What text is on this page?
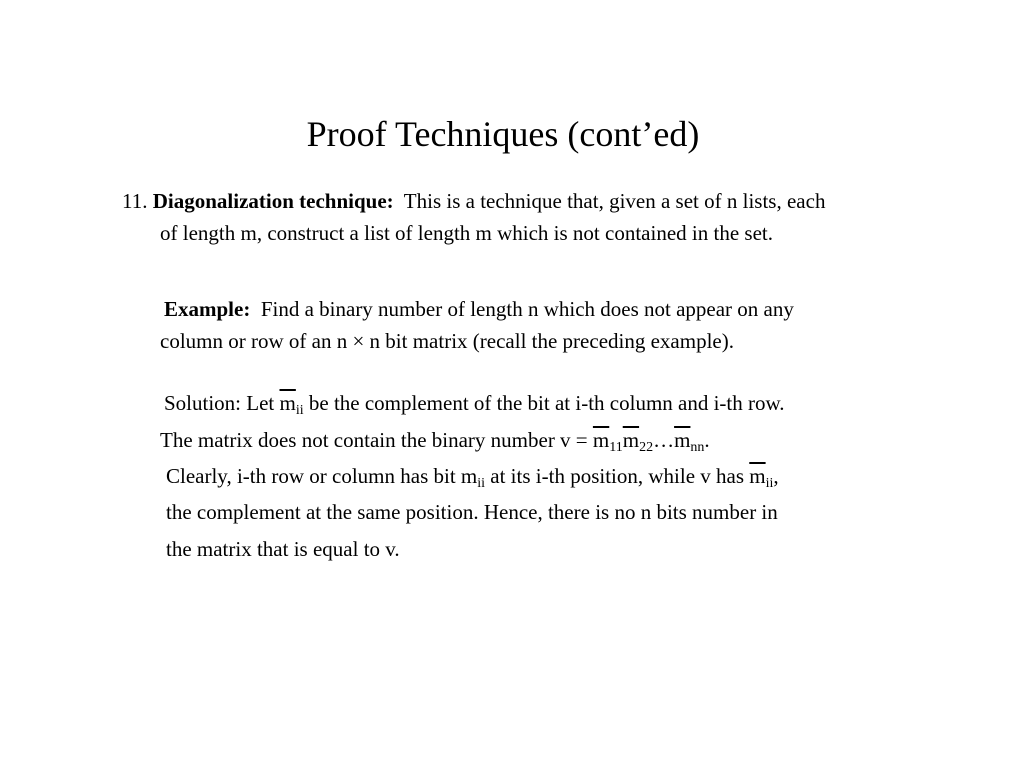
Proof Techniques (cont’ed)
11. Diagonalization technique: This is a technique that, given a set of n lists, each
of length m, construct a list of length m which is not contained in the set.
Example: Find a binary number of length n which does not appear on any
column or row of an n × n bit matrix (recall the preceding example).
Solution: Let $\overline{m}_{ii}$ be the complement of the bit at i-th column and i-th row.
The matrix does not contain the binary number $v = \overline{m}_{11}\overline{m}_{22}\dots\overline{m}_{nn}$.
Clearly, i-th row or column has bit $m_{ii}$ at its i-th position, while v has $\overline{m}_{ii}$,
the complement at the same position. Hence, there is no n bits number in
the matrix that is equal to v.
